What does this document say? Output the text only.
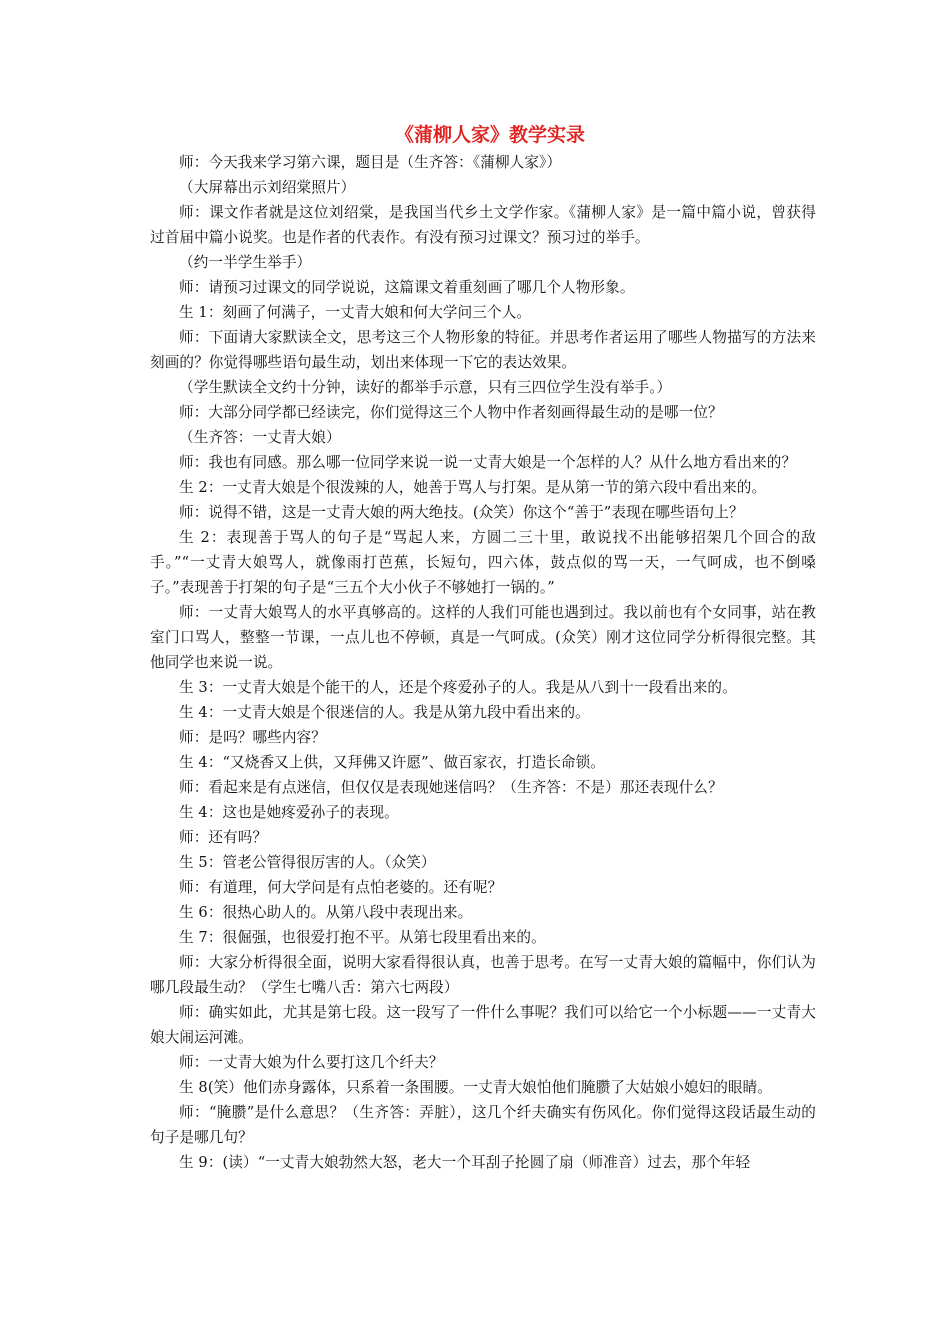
《蒲柳人家》教学实录

师：今天我来学习第六课，题目是（生齐答：《蒲柳人家》）

（大屏幕出示刘绍棠照片）

师：课文作者就是这位刘绍棠，是我国当代乡土文学作家。《蒲柳人家》是一篇中篇小说，曾获得过首届中篇小说奖。也是作者的代表作。有没有预习过课文？预习过的举手。

（约一半学生举手）

师：请预习过课文的同学说说，这篇课文着重刻画了哪几个人物形象。

生 1：刻画了何满子，一丈青大娘和何大学问三个人。

师：下面请大家默读全文，思考这三个人物形象的特征。并思考作者运用了哪些人物描写的方法来刻画的？你觉得哪些语句最生动，划出来体现一下它的表达效果。

（学生默读全文约十分钟，读好的都举手示意，只有三四位学生没有举手。）

师：大部分同学都已经读完，你们觉得这三个人物中作者刻画得最生动的是哪一位？

（生齐答：一丈青大娘）

师：我也有同感。那么哪一位同学来说一说一丈青大娘是一个怎样的人？从什么地方看出来的？

生 2：一丈青大娘是个很泼辣的人，她善于骂人与打架。是从第一节的第六段中看出来的。

师：说得不错，这是一丈青大娘的两大绝技。(众笑）你这个“善于”表现在哪些语句上？

生 2：表现善于骂人的句子是“骂起人来，方圆二三十里，敢说找不出能够招架几个回合的敌手。”“一丈青大娘骂人，就像雨打芭蕉，长短句，四六体，鼓点似的骂一天，一气呵成，也不倒嗓子。”表现善于打架的句子是“三五个大小伙子不够她打一锅的。”

师：一丈青大娘骂人的水平真够高的。这样的人我们可能也遇到过。我以前也有个女同事，站在教室门口骂人，整整一节课，一点儿也不停顿，真是一气呵成。(众笑）刚才这位同学分析得很完整。其他同学也来说一说。

生 3：一丈青大娘是个能干的人，还是个疼爱孙子的人。我是从八到十一段看出来的。

生 4：一丈青大娘是个很迷信的人。我是从第九段中看出来的。

师：是吗？哪些内容？

生 4：“又烧香又上供，又拜佛又许愿”、做百家衣，打造长命锁。

师：看起来是有点迷信，但仅仅是表现她迷信吗？（生齐答：不是）那还表现什么？

生 4：这也是她疼爱孙子的表现。

师：还有吗？

生 5：管老公管得很厉害的人。（众笑）

师：有道理，何大学问是有点怕老婆的。还有呢？

生 6：很热心助人的。从第八段中表现出来。

生 7：很倔强，也很爱打抱不平。从第七段里看出来的。

师：大家分析得很全面，说明大家看得很认真，也善于思考。在写一丈青大娘的篇幅中，你们认为哪几段最生动？（学生七嘴八舌：第六七两段）

师：确实如此，尤其是第七段。这一段写了一件什么事呢？我们可以给它一个小标题——一丈青大娘大闹运河滩。

师：一丈青大娘为什么要打这几个纤夫？

生 8(笑）他们赤身露体，只系着一条围腰。一丈青大娘怕他们腌臜了大姑娘小媳妇的眼睛。

师：“腌臜”是什么意思？（生齐答：弄脏），这几个纤夫确实有伤风化。你们觉得这段话最生动的句子是哪几句？

生 9：(读）“一丈青大娘勃然大怒，老大一个耳刮子抡圆了扇（师准音）过去，那个年轻
